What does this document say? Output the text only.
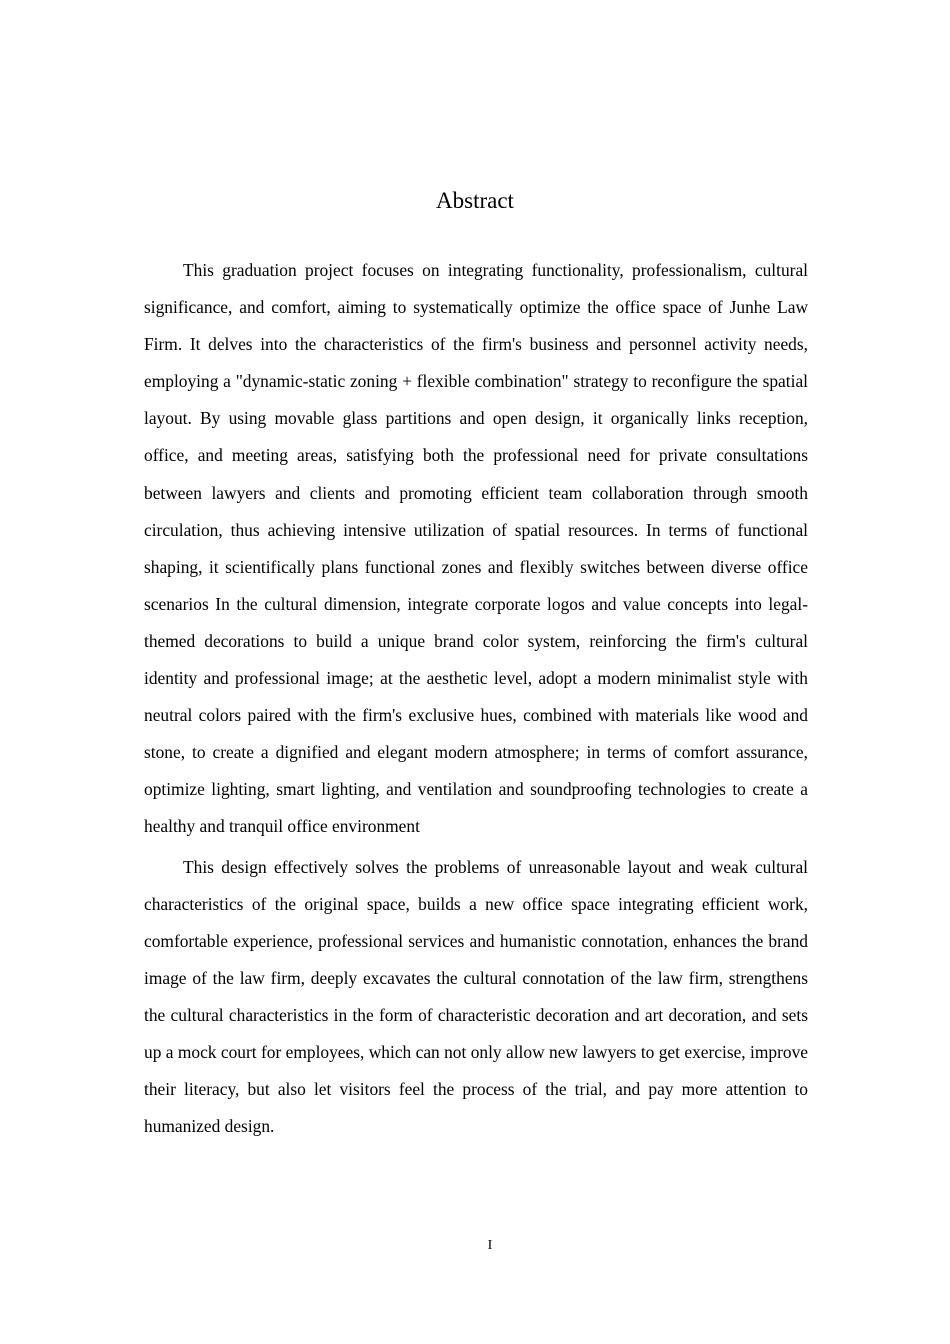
Abstract

This graduation project focuses on integrating functionality, professionalism, cultural significance, and comfort, aiming to systematically optimize the office space of Junhe Law Firm. It delves into the characteristics of the firm's business and personnel activity needs, employing a "dynamic-static zoning + flexible combination" strategy to reconfigure the spatial layout. By using movable glass partitions and open design, it organically links reception, office, and meeting areas, satisfying both the professional need for private consultations between lawyers and clients and promoting efficient team collaboration through smooth circulation, thus achieving intensive utilization of spatial resources. In terms of functional shaping, it scientifically plans functional zones and flexibly switches between diverse office scenarios In the cultural dimension, integrate corporate logos and value concepts into legal-themed decorations to build a unique brand color system, reinforcing the firm's cultural identity and professional image; at the aesthetic level, adopt a modern minimalist style with neutral colors paired with the firm's exclusive hues, combined with materials like wood and stone, to create a dignified and elegant modern atmosphere; in terms of comfort assurance, optimize lighting, smart lighting, and ventilation and soundproofing technologies to create a healthy and tranquil office environment

This design effectively solves the problems of unreasonable layout and weak cultural characteristics of the original space, builds a new office space integrating efficient work, comfortable experience, professional services and humanistic connotation, enhances the brand image of the law firm, deeply excavates the cultural connotation of the law firm, strengthens the cultural characteristics in the form of characteristic decoration and art decoration, and sets up a mock court for employees, which can not only allow new lawyers to get exercise, improve their literacy, but also let visitors feel the process of the trial, and pay more attention to humanized design.

I
